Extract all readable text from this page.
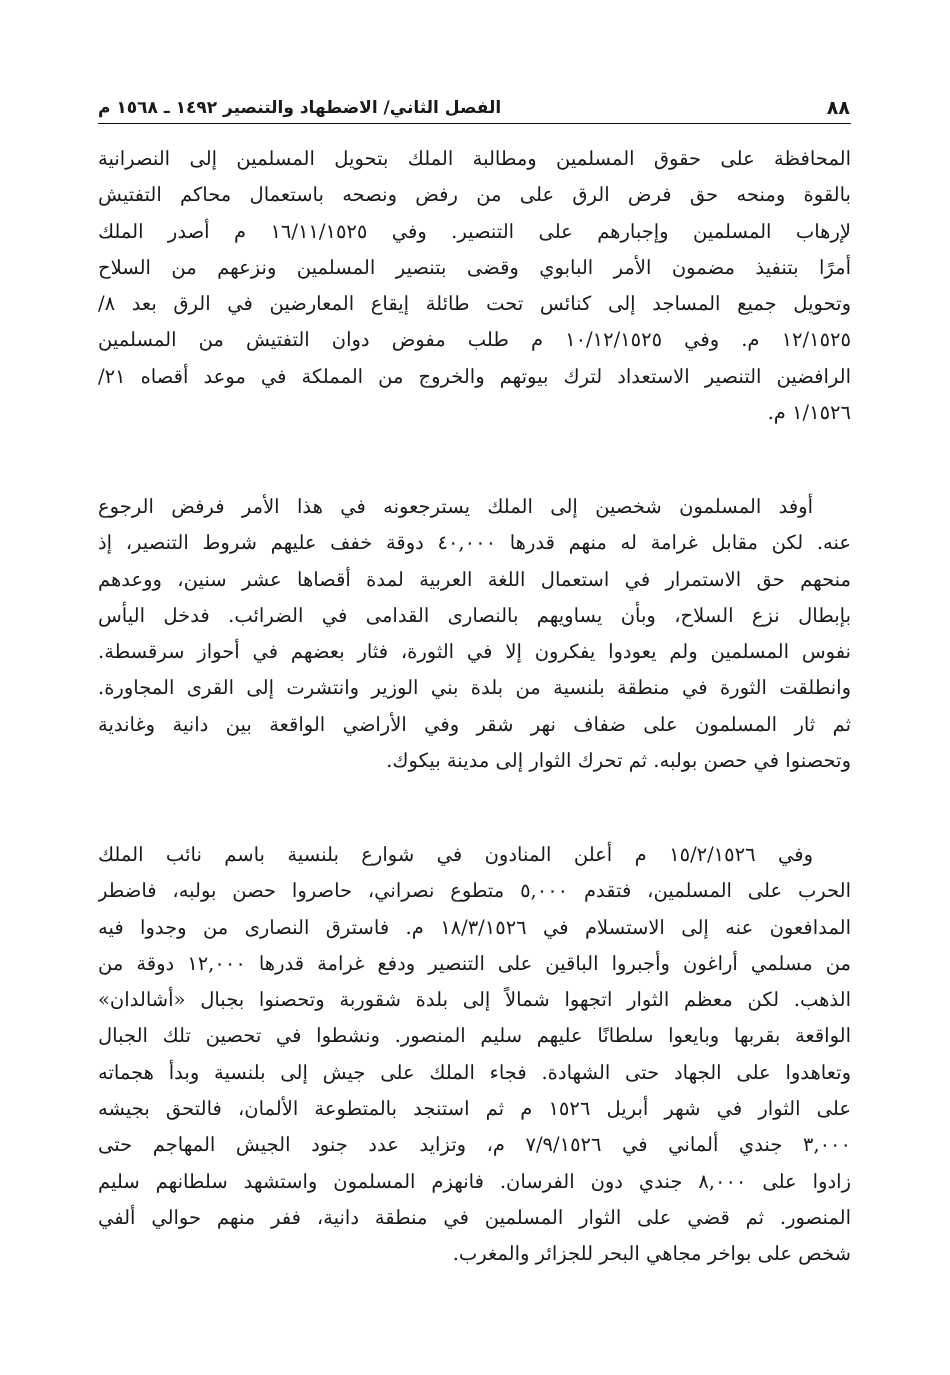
٨٨
الفصل الثاني/ الاضطهاد والتنصير ١٤٩٢ ـ ١٥٦٨ م
المحافظة على حقوق المسلمين ومطالبة الملك بتحويل المسلمين إلى النصرانية
بالقوة ومنحه حق فرض الرق على من رفض ونصحه باستعمال محاكم التفتيش
لإرهاب المسلمين وإجبارهم على التنصير. وفي ١٦/١١/١٥٢٥ م أصدر الملك
أمرًا بتنفيذ مضمون الأمر البابوي وقضى بتنصير المسلمين ونزعهم من السلاح
وتحويل جميع المساجد إلى كنائس تحت طائلة إيقاع المعارضين في الرق بعد ٨/
١٢/١٥٢٥ م. وفي ١٠/١٢/١٥٢٥ م طلب مفوض دوان التفتيش من المسلمين
الرافضين التنصير الاستعداد لترك بيوتهم والخروج من المملكة في موعد أقصاه ٢١/
١/١٥٢٦ م.
أوفد المسلمون شخصين إلى الملك يسترجعونه في هذا الأمر فرفض الرجوع
عنه. لكن مقابل غرامة له منهم قدرها ٤٠,٠٠٠ دوقة خفف عليهم شروط التنصير، إذ
منحهم حق الاستمرار في استعمال اللغة العربية لمدة أقصاها عشر سنين، ووعدهم
بإبطال نزع السلاح، وبأن يساويهم بالنصارى القدامى في الضرائب. فدخل اليأس
نفوس المسلمين ولم يعودوا يفكرون إلا في الثورة، فثار بعضهم في أحواز سرقسطة.
وانطلقت الثورة في منطقة بلنسية من بلدة بني الوزير وانتشرت إلى القرى المجاورة.
ثم ثار المسلمون على ضفاف نهر شقر وفي الأراضي الواقعة بين دانية وغاندية
وتحصنوا في حصن بولبه. ثم تحرك الثوار إلى مدينة بيكوك.
وفي ١٥/٢/١٥٢٦ م أعلن المنادون في شوارع بلنسية باسم نائب الملك
الحرب على المسلمين، فتقدم ٥,٠٠٠ متطوع نصراني، حاصروا حصن بولبه، فاضطر
المدافعون عنه إلى الاستسلام في ١٨/٣/١٥٢٦ م. فاسترق النصارى من وجدوا فيه
من مسلمي أراغون وأجبروا الباقين على التنصير ودفع غرامة قدرها ١٢,٠٠٠ دوقة من
الذهب. لكن معظم الثوار اتجهوا شمالاً إلى بلدة شقوربة وتحصنوا بجبال «أشالدان»
الواقعة بقربها وبايعوا سلطانًا عليهم سليم المنصور. ونشطوا في تحصين تلك الجبال
وتعاهدوا على الجهاد حتى الشهادة. فجاء الملك على جيش إلى بلنسية وبدأ هجماته
على الثوار في شهر أبريل ١٥٢٦ م ثم استنجد بالمتطوعة الألمان، فالتحق بجيشه
٣,٠٠٠ جندي ألماني في ٧/٩/١٥٢٦ م، وتزايد عدد جنود الجيش المهاجم حتى
زادوا على ٨,٠٠٠ جندي دون الفرسان. فانهزم المسلمون واستشهد سلطانهم سليم
المنصور. ثم قضي على الثوار المسلمين في منطقة دانية، ففر منهم حوالي ألفي
شخص على بواخر مجاهي البحر للجزائر والمغرب.
